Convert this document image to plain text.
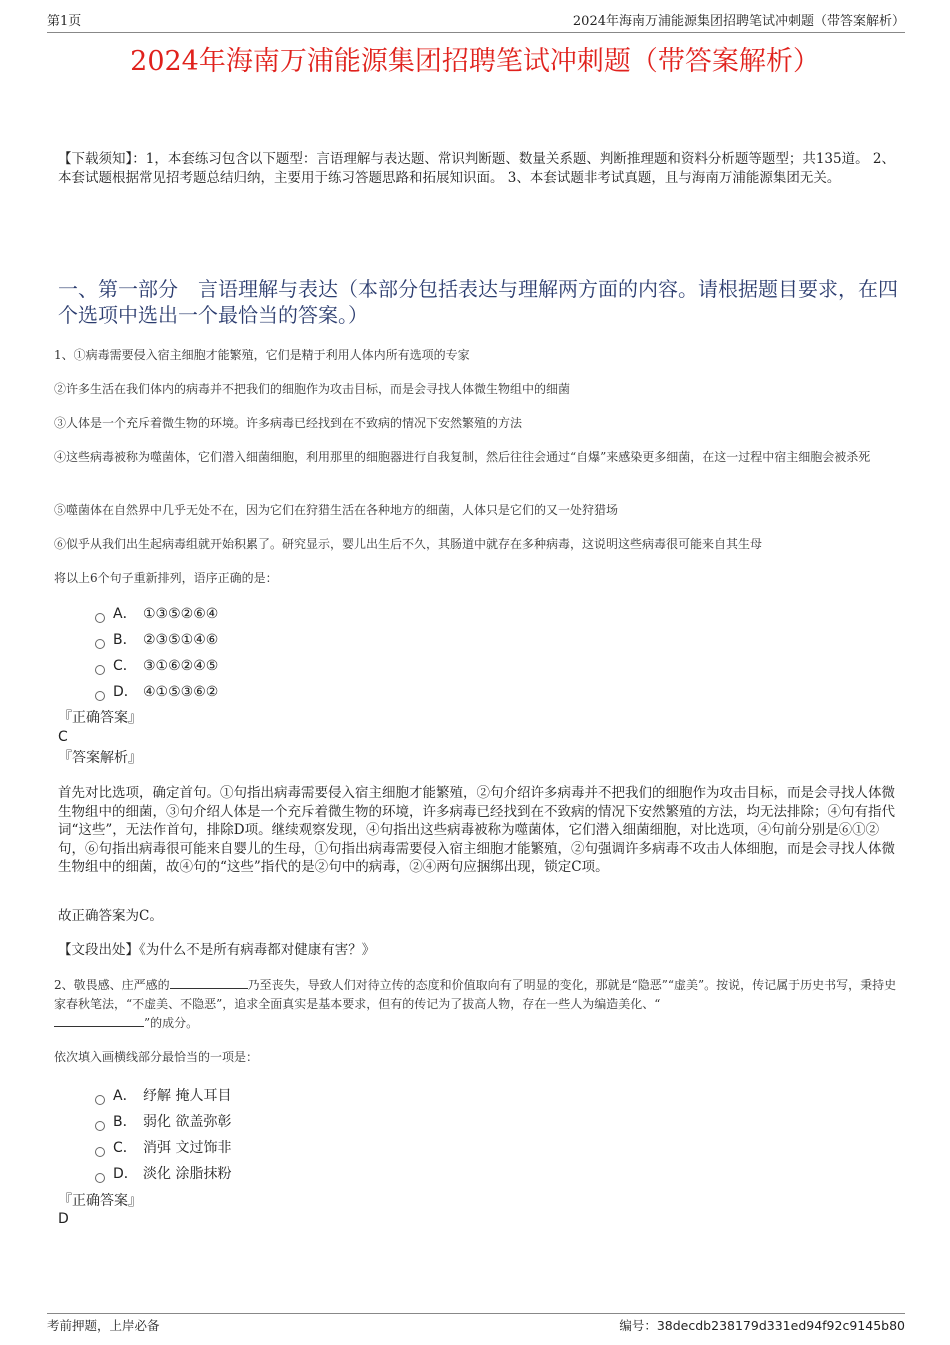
第1页	2024年海南万浦能源集团招聘笔试冲刺题（带答案解析）
2024年海南万浦能源集团招聘笔试冲刺题（带答案解析）
【下载须知】：1，本套练习包含以下题型：言语理解与表达题、常识判断题、数量关系题、判断推理题和资料分析题等题型；共135道。 2、本套试题根据常见招考题总结归纳，主要用于练习答题思路和拓展知识面。 3、本套试题非考试真题，且与海南万浦能源集团无关。
一、第一部分　言语理解与表达（本部分包括表达与理解两方面的内容。请根据题目要求，在四个选项中选出一个最恰当的答案。）
1、①病毒需要侵入宿主细胞才能繁殖，它们是精于利用人体内所有选项的专家
②许多生活在我们体内的病毒并不把我们的细胞作为攻击目标，而是会寻找人体微生物组中的细菌
③人体是一个充斥着微生物的环境。许多病毒已经找到在不致病的情况下安然繁殖的方法
④这些病毒被称为噬菌体，它们潜入细菌细胞，利用那里的细胞器进行自我复制，然后往往会通过“自爆”来感染更多细菌，在这一过程中宿主细胞会被杀死
⑤噬菌体在自然界中几乎无处不在，因为它们在狩猎生活在各种地方的细菌，人体只是它们的又一处狩猎场
⑥似乎从我们出生起病毒组就开始积累了。研究显示，婴儿出生后不久，其肠道中就存在多种病毒，这说明这些病毒很可能来自其生母
将以上6个句子重新排列，语序正确的是：
A． ①③⑤②⑥④
B． ②③⑤①④⑥
C． ③①⑥②④⑤
D． ④①⑤③⑥②
『正确答案』
C
『答案解析』
首先对比选项，确定首句。①句指出病毒需要侵入宿主细胞才能繁殖，②句介绍许多病毒并不把我们的细胞作为攻击目标，而是会寻找人体微生物组中的细菌，③句介绍人体是一个充斥着微生物的环境，许多病毒已经找到在不致病的情况下安然繁殖的方法，均无法排除；④句有指代词“这些”，无法作首句，排除D项。继续观察发现，④句指出这些病毒被称为噬菌体，它们潜入细菌细胞，对比选项，④句前分别是⑥①②句，⑥句指出病毒很可能来自婴儿的生母，①句指出病毒需要侵入宿主细胞才能繁殖，②句强调许多病毒不攻击人体细胞，而是会寻找人体微生物组中的细菌，故④句的“这些”指代的是②句中的病毒，②④两句应捆绑出现，锁定C项。
故正确答案为C。
【文段出处】《为什么不是所有病毒都对健康有害？》
2、敬畏感、庄严感的	乃至丧失，导致人们对待立传的态度和价值取向有了明显的变化，那就是“隐恶”“虚美”。按说，传记属于历史书写，秉持史家春秋笔法，“不虚美、不隐恶”，追求全面真实是基本要求，但有的传记为了拔高人物，存在一些人为编造美化、“
”的成分。
依次填入画横线部分最恰当的一项是：
A． 纾解 掩人耳目
B． 弱化 欲盖弥彰
C． 消弭 文过饰非
D． 淡化 涂脂抹粉
『正确答案』
D
考前押题，上岸必备	编号：38decdb238179d331ed94f92c9145b80
